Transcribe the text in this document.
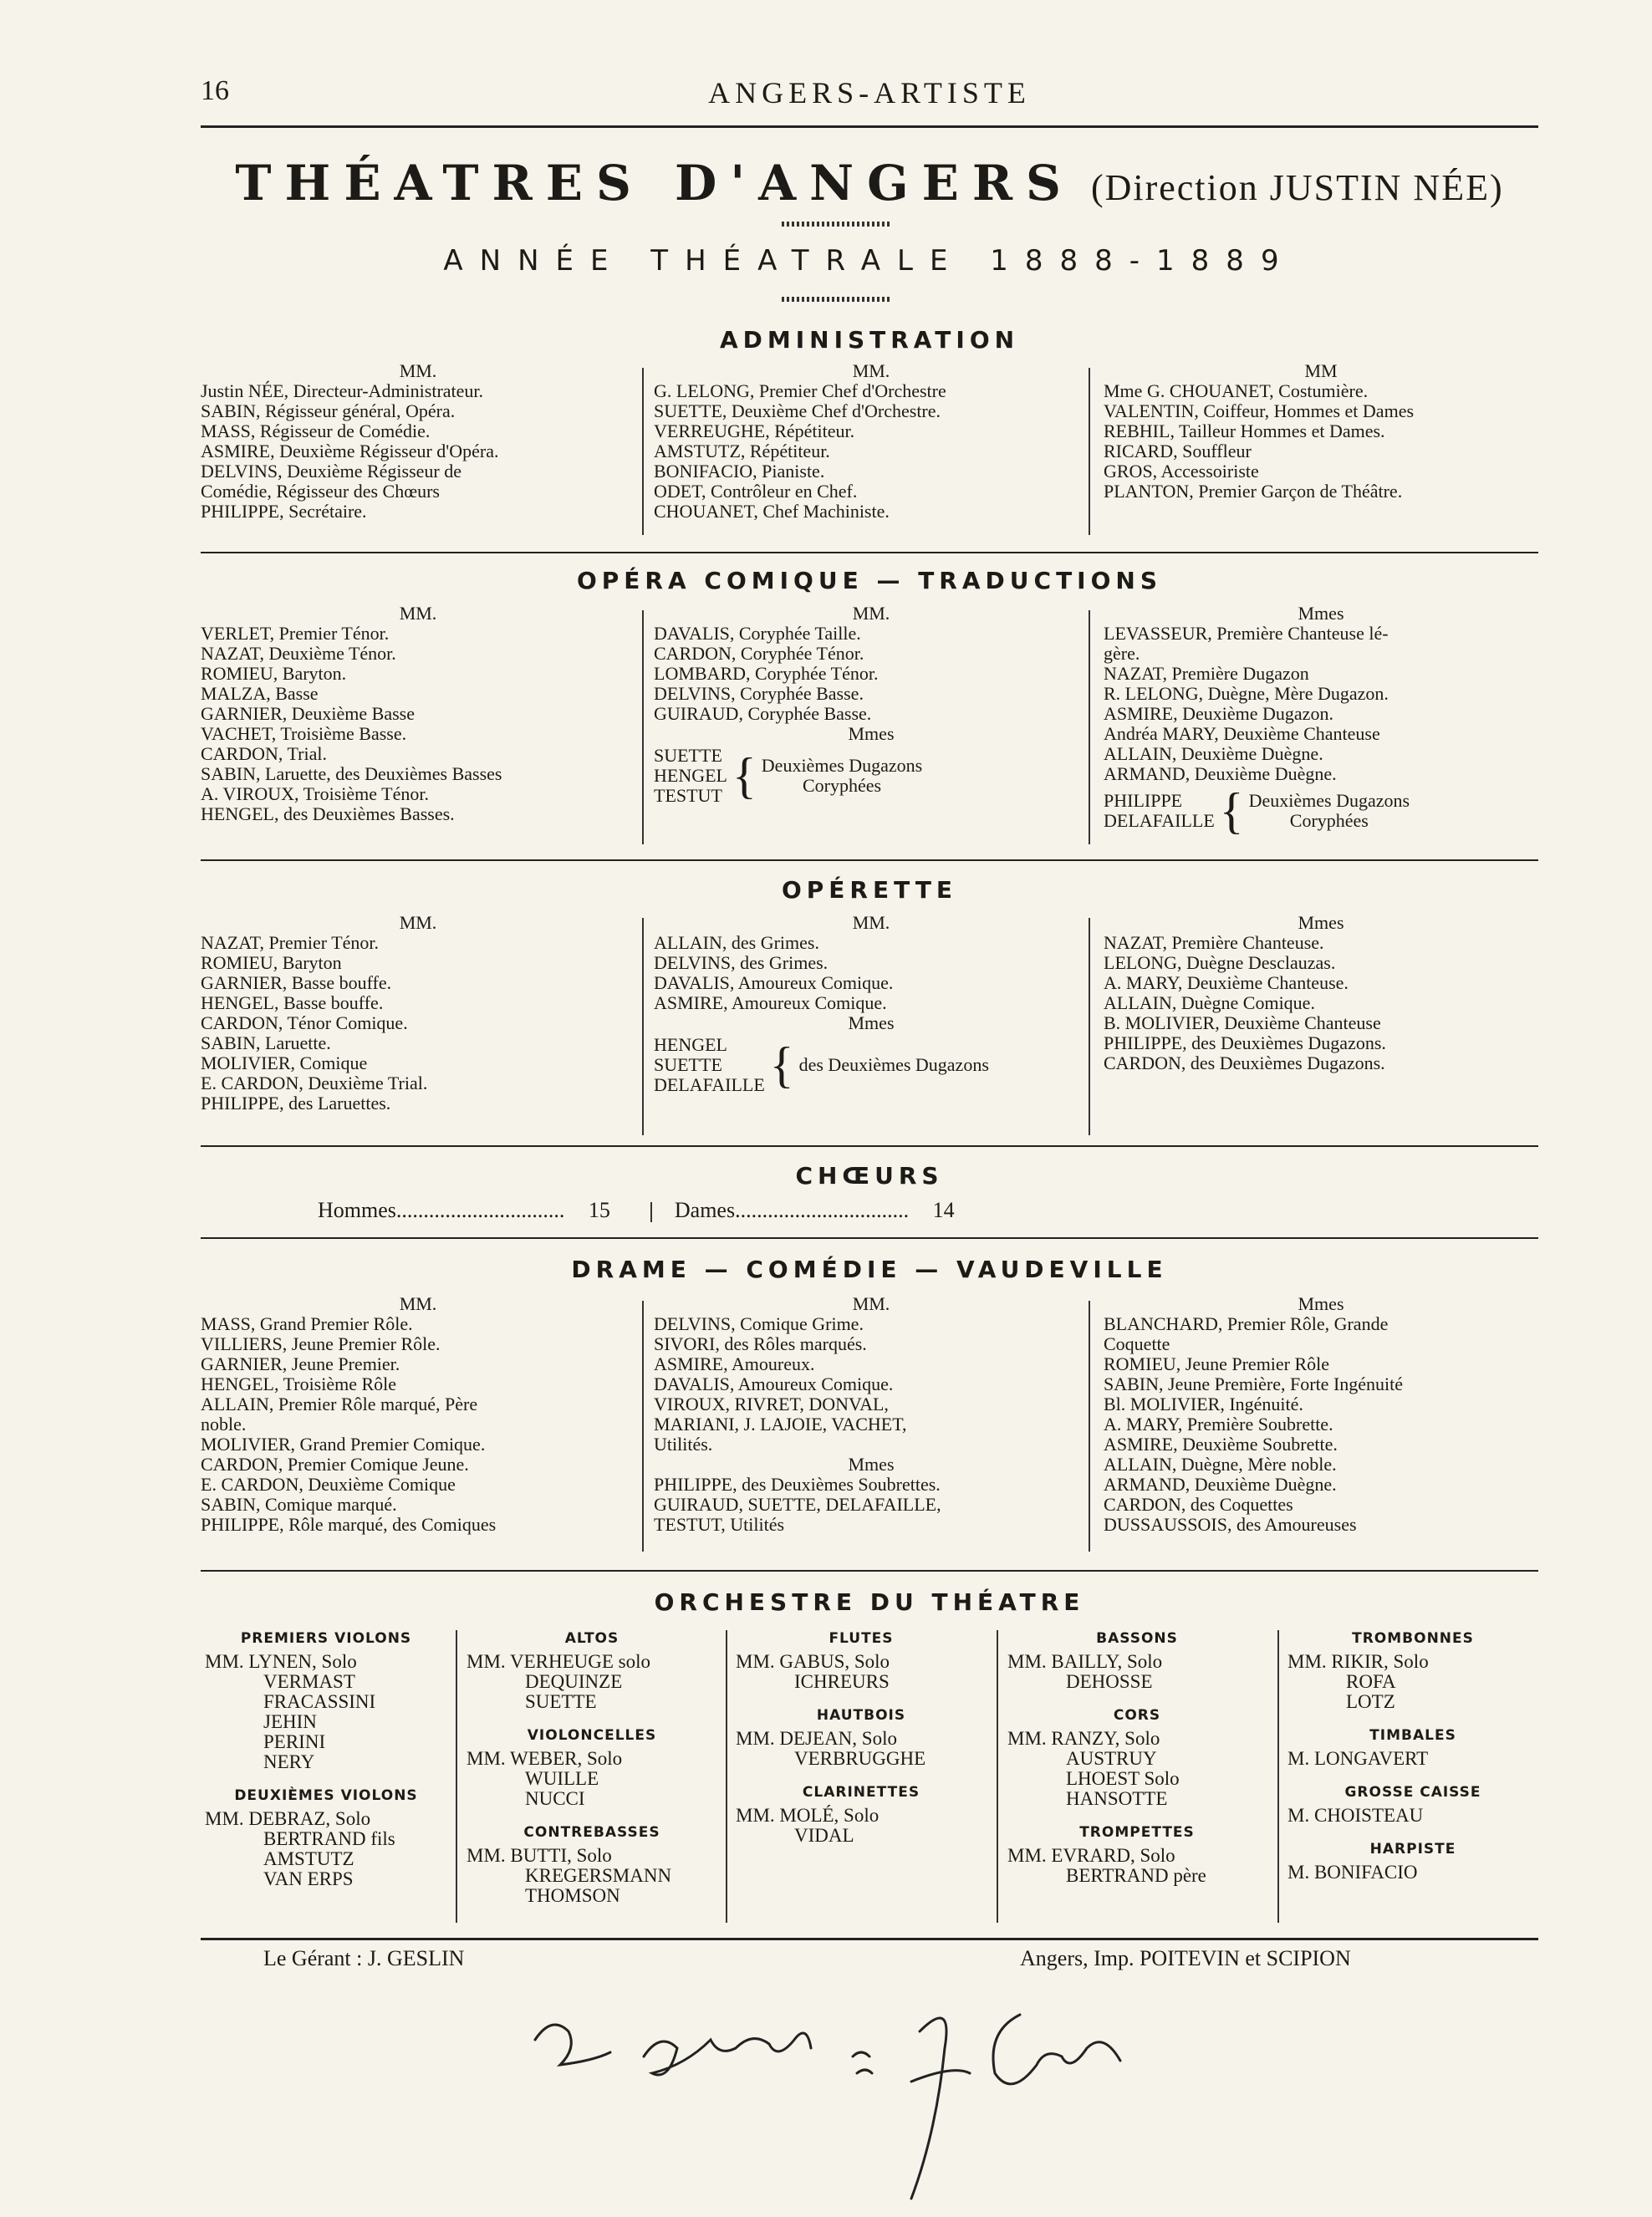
16	ANGERS-ARTISTE
THÉATRES D'ANGERS (Direction JUSTIN NÉE)
ANNÉE THÉATRALE 1888-1889
ADMINISTRATION
MM.
Justin NÉE, Directeur-Administrateur.
SABIN, Régisseur général, Opéra.
MASS, Régisseur de Comédie.
ASMIRE, Deuxième Régisseur d'Opéra.
DELVINS, Deuxième Régisseur de
Comédie, Régisseur des Chœurs
PHILIPPE, Secrétaire.
MM.
G. LELONG, Premier Chef d'Orchestre
SUETTE, Deuxième Chef d'Orchestre.
VERREUGHE, Répétiteur.
AMSTUTZ, Répétiteur.
BONIFACIO, Pianiste.
ODET, Contrôleur en Chef.
CHOUANET, Chef Machiniste.
MM
Mme G. CHOUANET, Costumière.
VALENTIN, Coiffeur, Hommes et Dames
REBHIL, Tailleur Hommes et Dames.
RICARD, Souffleur
GROS, Accessoiriste
PLANTON, Premier Garçon de Théâtre.
OPÉRA COMIQUE — TRADUCTIONS
MM.
VERLET, Premier Ténor.
NAZAT, Deuxième Ténor.
ROMIEU, Baryton.
MALZA, Basse
GARNIER, Deuxième Basse
VACHET, Troisième Basse.
CARDON, Trial.
SABIN, Laruette, des Deuxièmes Basses
A. VIROUX, Troisième Ténor.
HENGEL, des Deuxièmes Basses.
MM.
DAVALIS, Coryphée Taille.
CARDON, Coryphée Ténor.
LOMBARD, Coryphée Ténor.
DELVINS, Coryphée Basse.
GUIRAUD, Coryphée Basse.
Mmes
SUETTE
HENGEL
TESTUT { Deuxièmes Dugazons
Coryphées
Mmes
LEVASSEUR, Première Chanteuse lé-
gère.
NAZAT, Première Dugazon
R. LELONG, Duègne, Mère Dugazon.
ASMIRE, Deuxième Dugazon.
Andréa MARY, Deuxième Chanteuse
ALLAIN, Deuxième Duègne.
ARMAND, Deuxième Duègne.
PHILIPPE
DELAFAILLE { Deuxièmes Dugazons
Coryphées
OPÉRETTE
MM.
NAZAT, Premier Ténor.
ROMIEU, Baryton
GARNIER, Basse bouffe.
HENGEL, Basse bouffe.
CARDON, Ténor Comique.
SABIN, Laruette.
MOLIVIER, Comique
E. CARDON, Deuxième Trial.
PHILIPPE, des Laruettes.
MM.
ALLAIN, des Grimes.
DELVINS, des Grimes.
DAVALIS, Amoureux Comique.
ASMIRE, Amoureux Comique.
Mmes
HENGEL
SUETTE
DELAFAILLE { des Deuxièmes Dugazons
Mmes
NAZAT, Première Chanteuse.
LELONG, Duègne Desclauzas.
A. MARY, Deuxième Chanteuse.
ALLAIN, Duègne Comique.
B. MOLIVIER, Deuxième Chanteuse
PHILIPPE, des Deuxièmes Dugazons.
CARDON, des Deuxièmes Dugazons.
CHŒURS
Hommes............................... 15	Dames................................ 14
DRAME — COMÉDIE — VAUDEVILLE
MM.
MASS, Grand Premier Rôle.
VILLIERS, Jeune Premier Rôle.
GARNIER, Jeune Premier.
HENGEL, Troisième Rôle
ALLAIN, Premier Rôle marqué, Père
noble.
MOLIVIER, Grand Premier Comique.
CARDON, Premier Comique Jeune.
E. CARDON, Deuxième Comique
SABIN, Comique marqué.
PHILIPPE, Rôle marqué, des Comiques
MM.
DELVINS, Comique Grime.
SIVORI, des Rôles marqués.
ASMIRE, Amoureux.
DAVALIS, Amoureux Comique.
VIROUX, RIVRET, DONVAL,
MARIANI, J. LAJOIE, VACHET,
Utilités.
Mmes
PHILIPPE, des Deuxièmes Soubrettes.
GUIRAUD, SUETTE, DELAFAILLE,
TESTUT, Utilités
Mmes
BLANCHARD, Premier Rôle, Grande
Coquette
ROMIEU, Jeune Premier Rôle
SABIN, Jeune Première, Forte Ingénuité
Bl. MOLIVIER, Ingénuité.
A. MARY, Première Soubrette.
ASMIRE, Deuxième Soubrette.
ALLAIN, Duègne, Mère noble.
ARMAND, Deuxième Duègne.
CARDON, des Coquettes
DUSSAUSSOIS, des Amoureuses
ORCHESTRE DU THÉATRE
PREMIERS VIOLONS
MM. LYNEN, Solo
VERMAST
FRACASSINI
JEHIN
PERINI
NERY
DEUXIÈMES VIOLONS
MM. DEBRAZ, Solo
BERTRAND fils
AMSTUTZ
VAN ERPS
ALTOS
MM. VERHEUGE solo
DEQUINZE
SUETTE
VIOLONCELLES
MM. WEBER, Solo
WUILLE
NUCCI
CONTREBASSES
MM. BUTTI, Solo
KREGERSMANN
THOMSON
FLUTES
MM. GABUS, Solo
ICHREURS
HAUTBOIS
MM. DEJEAN, Solo
VERBRUGGHE
CLARINETTES
MM. MOLÉ, Solo
VIDAL
BASSONS
MM. BAILLY, Solo
DEHOSSE
CORS
MM. RANZY, Solo
AUSTRUY
LHOEST Solo
HANSOTTE
TROMPETTES
MM. EVRARD, Solo
BERTRAND père
TROMBONNES
MM. RIKIR, Solo
ROFA
LOTZ
TIMBALES
M. LONGAVERT
GROSSE CAISSE
M. CHOISTEAU
HARPISTE
M. BONIFACIO
Le Gérant : J. GESLIN	Angers, Imp. POITEVIN et SCIPION
